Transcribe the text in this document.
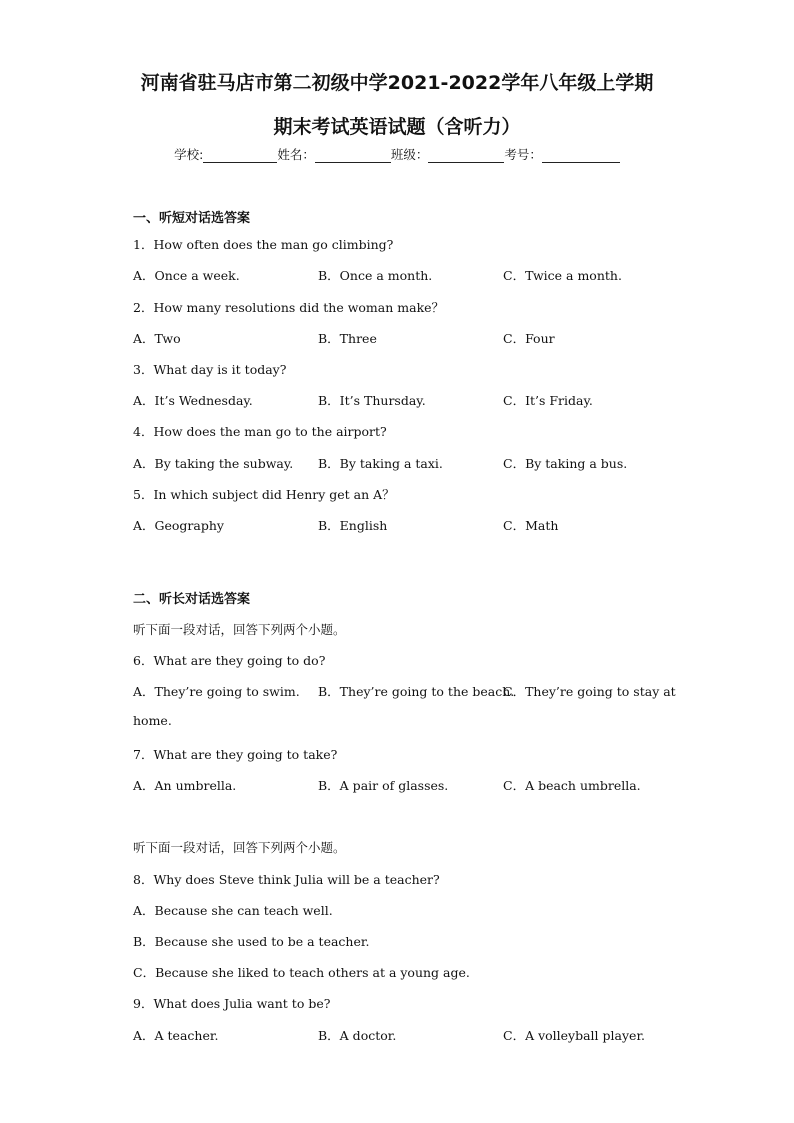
河南省驻马店市第二初级中学2021-2022学年八年级上学期
期末考试英语试题（含听力）
学校:	姓名：	班级：	考号：
一、听短对话选答案
1．How often does the man go climbing?
A．Once a week.	B．Once a month.	C．Twice a month.
2．How many resolutions did the woman make？
A．Two	B．Three	C．Four
3．What day is it today?
A．It’s Wednesday.	B．It’s Thursday.	C．It’s Friday.
4．How does the man go to the airport?
A．By taking the subway. B．By taking a taxi.	C．By taking a bus.
5．In which subject did Henry get an A？
A．Geography	B．English	C．Math
二、听长对话选答案
听下面一段对话，回答下列两个小题。
6．What are they going to do?
A．They’re going to swim. B．They’re going to the beach.
C．They’re going to stay at
home.
7．What are they going to take?
A．An umbrella.	B．A pair of glasses.	C．A beach umbrella.
听下面一段对话，回答下列两个小题。
8．Why does Steve think Julia will be a teacher?
A．Because she can teach well.
B．Because she used to be a teacher.
C．Because she liked to teach others at a young age.
9．What does Julia want to be?
A．A teacher.	B．A doctor.	C．A volleyball player.
